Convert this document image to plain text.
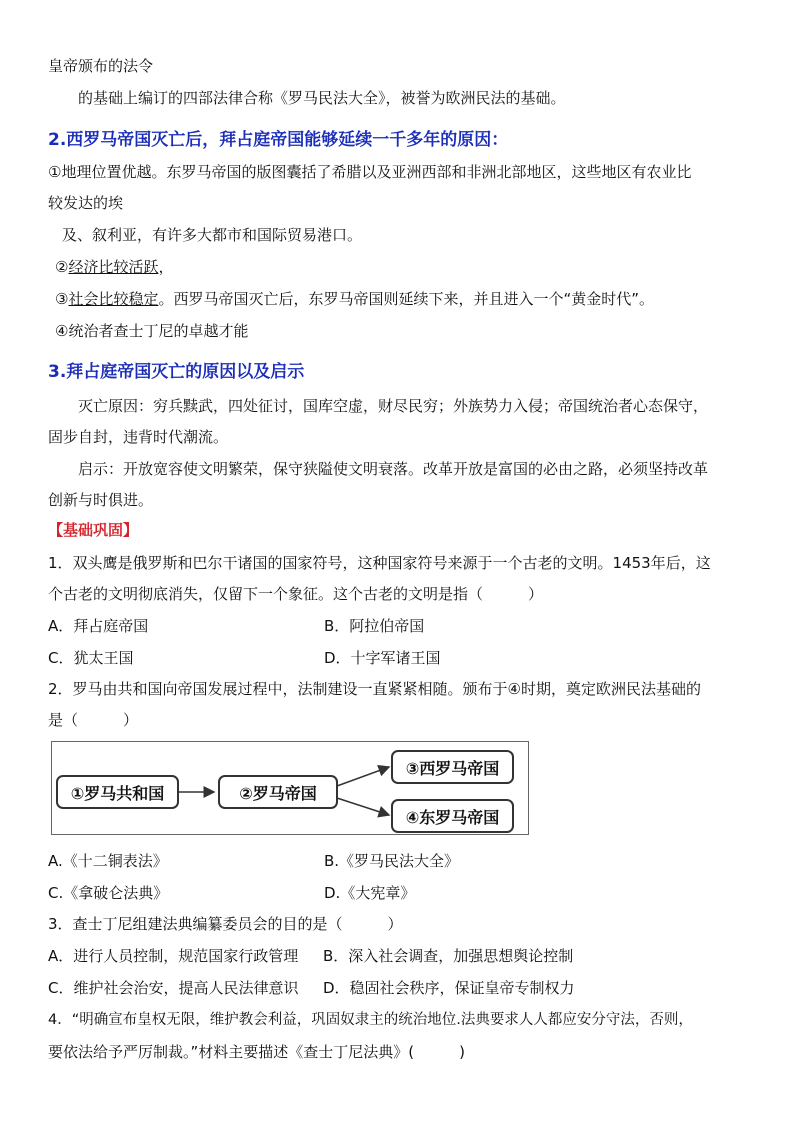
皇帝颁布的法令
的基础上编订的四部法律合称《罗马民法大全》，被誉为欧洲民法的基础。
2.西罗马帝国灭亡后，拜占庭帝国能够延续一千多年的原因：
①地理位置优越。东罗马帝国的版图囊括了希腊以及亚洲西部和非洲北部地区，这些地区有农业比
较发达的埃
及、叙利亚，有许多大都市和国际贸易港口。
②经济比较活跃，
③社会比较稳定。西罗马帝国灭亡后，东罗马帝国则延续下来，并且进入一个“黄金时代”。
④统治者查士丁尼的卓越才能
3.拜占庭帝国灭亡的原因以及启示
灭亡原因：穷兵黩武，四处征讨，国库空虚，财尽民穷；外族势力入侵；帝国统治者心态保守，
固步自封，违背时代潮流。
启示：开放宽容使文明繁荣，保守狭隘使文明衰落。改革开放是富国的必由之路，必须坚持改革
创新与时俱进。
【基础巩固】
1．双头鹰是俄罗斯和巴尔干诸国的国家符号，这种国家符号来源于一个古老的文明。1453年后，这
个古老的文明彻底消失，仅留下一个象征。这个古老的文明是指（　　　）
A．拜占庭帝国	B．阿拉伯帝国
C．犹太王国	D．十字军诸王国
2．罗马由共和国向帝国发展过程中，法制建设一直紧紧相随。颁布于④时期，奠定欧洲民法基础的
是（　　　）
①罗马共和国	②罗马帝国
③西罗马帝国
④东罗马帝国
A.《十二铜表法》	B.《罗马民法大全》
C.《拿破仑法典》	D.《大宪章》
3．查士丁尼组建法典编纂委员会的目的是（　　　）
A．进行人员控制，规范国家行政管理 B．深入社会调查，加强思想舆论控制
C．维护社会治安，提高人民法律意识 D．稳固社会秩序，保证皇帝专制权力
4．“明确宣布皇权无限，维护教会利益，巩固奴隶主的统治地位.法典要求人人都应安分守法，否则，
要依法给予严厉制裁。”材料主要描述《查士丁尼法典》(　　　)
